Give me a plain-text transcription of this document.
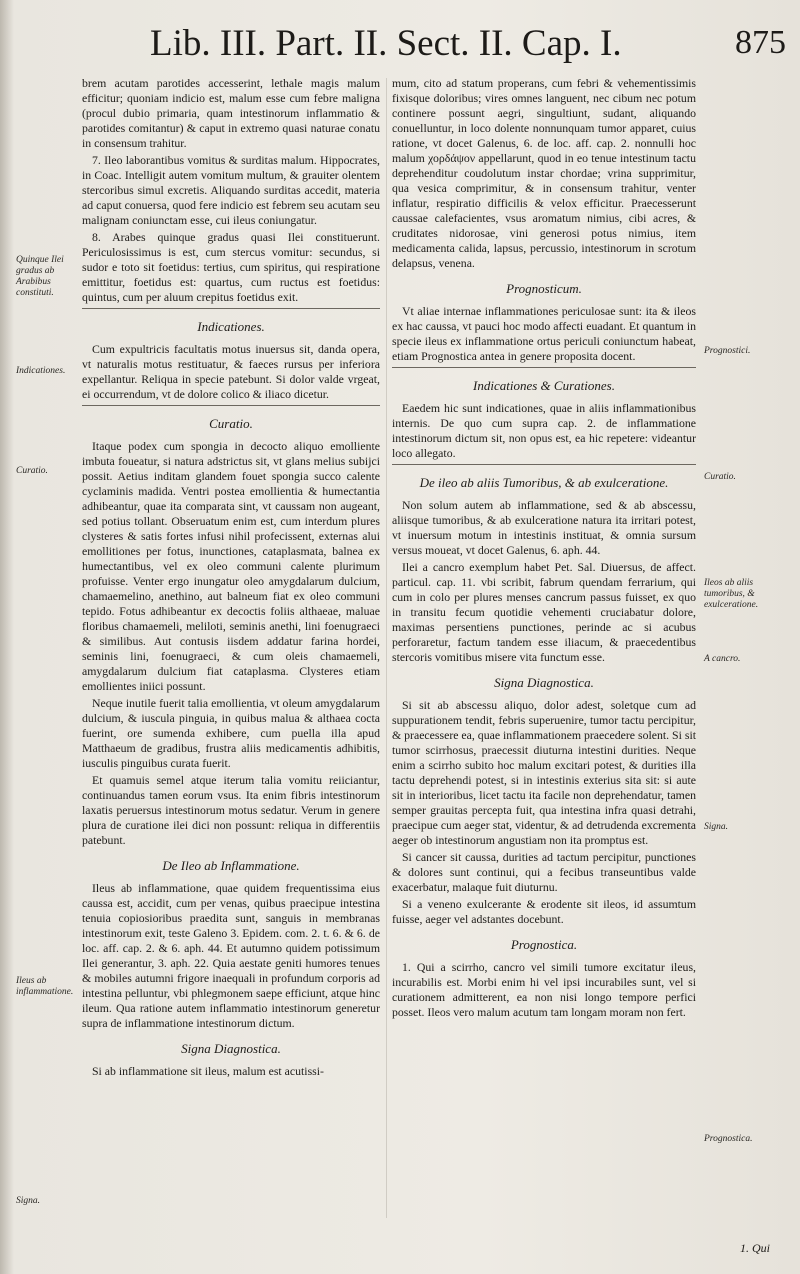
Lib. III. Part. II. Sect. II. Cap. I.	875

brem acutam parotides accesserint, lethale magis malum efficitur; quoniam indicio est, malum esse cum febre maligna (procul dubio primaria, quam intestinorum inflammatio & parotides comitantur) & caput in extremo quasi naturae conatu in consensum trahitur.

7. Ileo laborantibus vomitus & surditas malum. Hippocrates, in Coac. Intelligit autem vomitum multum, & grauiter olentem stercoribus simul excretis. Aliquando surditas accedit, materia ad caput conuersa, quod fere indicio est febrem seu acutam seu malignam coniunctam esse, cui ileus coniungatur.

8. Arabes quinque gradus quasi Ilei constituerunt. Periculosissimus is est, cum stercus vomitur: secundus, si sudor e toto sit foetidus: tertius, cum spiritus, qui respiratione emittitur, foetidus est: quartus, cum ructus est foetidus: quintus, cum per aluum crepitus foetidus exit.

Indicationes.

Cum expultricis facultatis motus inuersus sit, danda opera, vt naturalis motus restituatur, & faeces rursus per inferiora expellantur. Reliqua in specie patebunt. Si dolor valde vrgeat, ei occurrendum, vt de dolore colico & iliaco dicetur.

Curatio.

Itaque podex cum spongia in decocto aliquo emolliente imbuta foueatur, si natura adstrictus sit, vt glans melius subijci possit. Aetius inditam glandem fouet spongia succo calente cyclaminis madida. Ventri postea emollientia & humectantia adhibeantur, quae ita comparata sint, vt caussam non augeant, sed potius tollant. Obseruatum enim est, cum interdum plures clysteres & satis fortes infusi nihil profecissent, externas alui emollitiones per fotus, inunctiones, cataplasmata, balnea ex humectantibus, vel ex oleo communi calente plurimum profuisse. Venter ergo inungatur oleo amygdalarum dulcium, chamaemelino, anethino, aut balneum fiat ex oleo communi tepido. Fotus adhibeantur ex decoctis foliis althaeae, maluae floribus chamaemeli, meliloti, seminis anethi, lini foenugraeci & similibus. Aut contusis iisdem addatur farina hordei, seminis lini, foenugraeci, & cum oleis chamaemeli, amygdalarum dulcium fiat cataplasma. Clysteres etiam emollientes iniici possunt.

Neque inutile fuerit talia emollientia, vt oleum amygdalarum dulcium, & iuscula pinguia, in quibus malua & althaea cocta fuerint, ore sumenda exhibere, cum puella illa apud Matthaeum de gradibus, frustra aliis medicamentis adhibitis, iusculis pinguibus curata fuerit.

Et quamuis semel atque iterum talia vomitu reiiciantur, continuandus tamen eorum vsus. Ita enim fibris intestinorum laxatis peruersus intestinorum motus sedatur. Verum in genere plura de curatione ilei dici non possunt: reliqua in differentiis patebunt.

De Ileo ab Inflammatione.

Ileus ab inflammatione, quae quidem frequentissima eius caussa est, accidit, cum per venas, quibus praecipue intestina tenuia copiosioribus praedita sunt, sanguis in membranas intestinorum exit, teste Galeno 3. Epidem. com. 2. t. 6. & 6. de loc. aff. cap. 2. & 6. aph. 44. Et autumno quidem potissimum Ilei generantur, 3. aph. 22. Quia aestate geniti humores tenues & mobiles autumni frigore inaequali in profundum corporis ad intestina pelluntur, vbi phlegmonem saepe efficiunt, atque hinc ileum. Qua ratione autem inflammatio intestinorum generetur supra de inflammatione intestinorum dictum.

Signa Diagnostica.

Si ab inflammatione sit ileus, malum est acutissi-

mum, cito ad statum properans, cum febri & vehementissimis fixisque doloribus; vires omnes languent, nec cibum nec potum continere possunt aegri, singultiunt, sudant, aliquando conuelluntur, in loco dolente nonnunquam tumor apparet, cuius ratione, vt docet Galenus, 6. de loc. aff. cap. 2. nonnulli hoc malum χορδάψον appellarunt, quod in eo tenue intestinum tactu deprehenditur coudolutum instar chordae; vrina supprimitur, qua vesica comprimitur, & in consensum trahitur, venter inflatur, respiratio difficilis & velox efficitur. Praecesserunt caussae calefacientes, vsus aromatum nimius, cibi acres, & cruditates nidorosae, vini generosi potus nimius, item medicamenta calida, lapsus, percussio, intestinorum in scrotum delapsus, venena.

Prognosticum.

Vt aliae internae inflammationes periculosae sunt: ita & ileos ex hac caussa, vt pauci hoc modo affecti euadant. Et quantum in specie ileus ex inflammatione ortus periculi coniunctum habeat, etiam Prognostica antea in genere proposita docent.

Indicationes & Curationes.

Eaedem hic sunt indicationes, quae in aliis inflammationibus internis. De quo cum supra cap. 2. de inflammatione intestinorum dictum sit, non opus est, ea hic repetere: videantur loco allegato.

De ileo ab aliis Tumoribus, & ab exulceratione.

Non solum autem ab inflammatione, sed & ab abscessu, aliisque tumoribus, & ab exulceratione natura ita irritari potest, vt inuersum motum in intestinis instituat, & omnia sursum versus moueat, vt docet Galenus, 6. aph. 44.

Ilei a cancro exemplum habet Pet. Sal. Diuersus, de affect. particul. cap. 11. vbi scribit, fabrum quendam ferrarium, qui cum in colo per plures menses cancrum passus fuisset, ex quo in transitu fecum quotidie vehementi cruciabatur dolore, maximas persentiens punctiones, perinde ac si acubus perforaretur, factum tandem esse iliacum, & praecedentibus stercoris vomitibus misere vita functum esse.

Signa Diagnostica.

Si sit ab abscessu aliquo, dolor adest, soletque cum ad suppurationem tendit, febris superuenire, tumor tactu percipitur, & praecessere ea, quae inflammationem praecedere solent. Si sit tumor scirrhosus, praecessit diuturna intestini durities. Neque enim a scirrho subito hoc malum excitari potest, & durities illa tactu deprehendi potest, si in intestinis exterius sita sit: si aute sit in interioribus, licet tactu ita facile non deprehendatur, tamen semper grauitas percepta fuit, qua intestina infra quasi detrahi, praecipue cum aeger stat, videntur, & ad detrudenda excrementa aeger ob intestinorum angustiam non ita promptus est.

Si cancer sit caussa, durities ad tactum percipitur, punctiones & dolores sunt continui, qui a fecibus transeuntibus valde exacerbatur, malaque fuit diuturnu.

Si a veneno exulcerante & erodente sit ileos, id assumtum fuisse, aeger vel adstantes docebunt.

Prognostica.

1. Qui a scirrho, cancro vel simili tumore excitatur ileus, incurabilis est. Morbi enim hi vel ipsi incurabiles sunt, vel si curationem admitterent, ea non nisi longo tempore perfici posset. Ileos vero malum acutum tam longam moram non fert.

Quinque Ilei gradus ab Arabibus constituti.
Indicationes.
Curatio.
Ileus ab inflammatione.
Signa.
Prognostici.
Curatio.
Ileos ab aliis tumoribus, & exulceratione.
A cancro.
Signa.
Prognostica.
1. Qui
